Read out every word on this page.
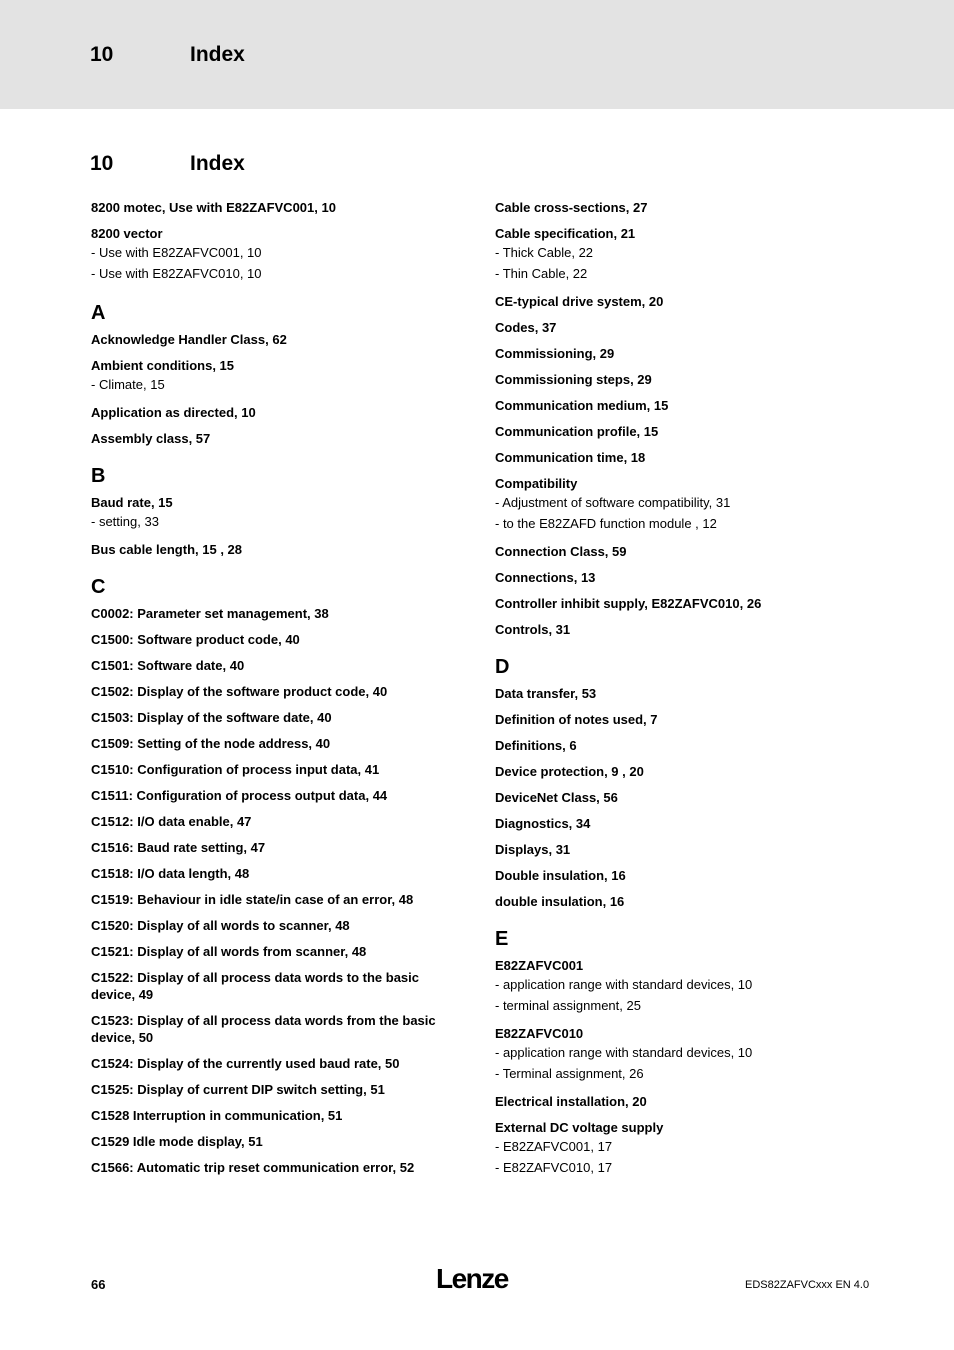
10	Index
10	Index
8200 motec, Use with E82ZAFVC001, 10
8200 vector
- Use with E82ZAFVC001, 10
- Use with E82ZAFVC010, 10
A
Acknowledge Handler Class, 62
Ambient conditions, 15
- Climate, 15
Application as directed, 10
Assembly class, 57
B
Baud rate, 15
- setting, 33
Bus cable length, 15 , 28
C
C0002: Parameter set management, 38
C1500: Software product code, 40
C1501: Software date, 40
C1502: Display of the software product code, 40
C1503: Display of the software date, 40
C1509: Setting of the node address, 40
C1510: Configuration of process input data, 41
C1511: Configuration of process output data, 44
C1512: I/O data enable, 47
C1516: Baud rate setting, 47
C1518: I/O data length, 48
C1519: Behaviour in idle state/in case of an error, 48
C1520: Display of all words to scanner, 48
C1521: Display of all words from scanner, 48
C1522: Display of all process data words to the basic device, 49
C1523: Display of all process data words from the basic device, 50
C1524: Display of the currently used baud rate, 50
C1525: Display of current DIP switch setting, 51
C1528 Interruption in communication, 51
C1529 Idle mode display, 51
C1566: Automatic trip reset communication error, 52
Cable cross-sections, 27
Cable specification, 21
- Thick Cable, 22
- Thin Cable, 22
CE-typical drive system, 20
Codes, 37
Commissioning, 29
Commissioning steps, 29
Communication medium, 15
Communication profile, 15
Communication time, 18
Compatibility
- Adjustment of software compatibility, 31
- to the E82ZAFD function module , 12
Connection Class, 59
Connections, 13
Controller inhibit supply, E82ZAFVC010, 26
Controls, 31
D
Data transfer, 53
Definition of notes used, 7
Definitions, 6
Device protection, 9 , 20
DeviceNet Class, 56
Diagnostics, 34
Displays, 31
Double insulation, 16
double insulation, 16
E
E82ZAFVC001
- application range with standard devices, 10
- terminal assignment, 25
E82ZAFVC010
- application range with standard devices, 10
- Terminal assignment, 26
Electrical installation, 20
External DC voltage supply
- E82ZAFVC001, 17
- E82ZAFVC010, 17
66	Lenze	EDS82ZAFVCxxx EN 4.0
